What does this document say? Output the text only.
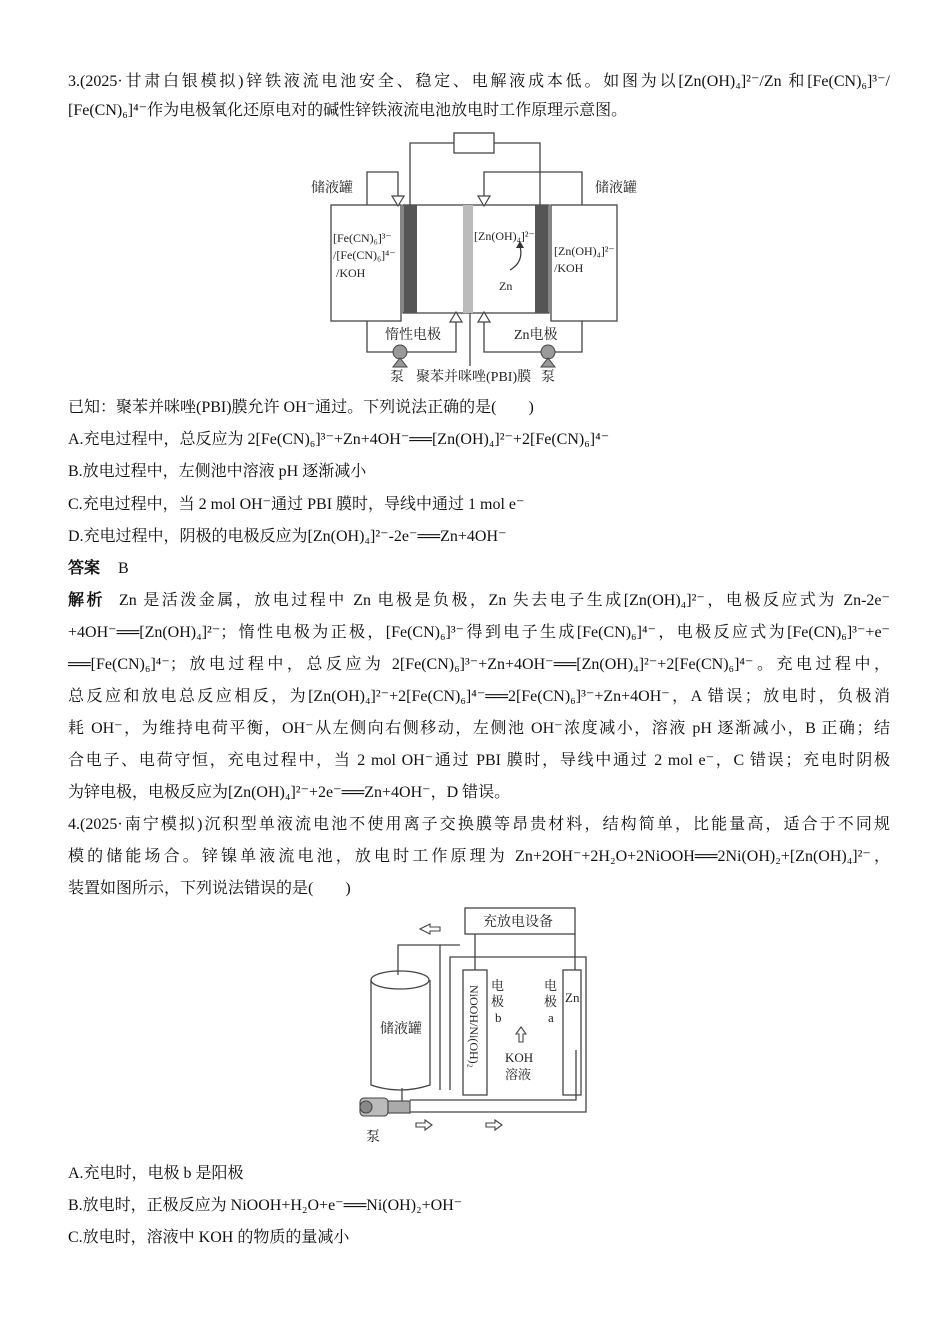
3.(2025·甘肃白银模拟)锌铁液流电池安全、稳定、电解液成本低。如图为以[Zn(OH)₄]²⁻/Zn 和[Fe(CN)₆]³⁻/
[Fe(CN)₆]⁴⁻作为电极氧化还原电对的碱性锌铁液流电池放电时工作原理示意图。
储液罐	储液罐
惰性电极	Zn电极
泵	泵
聚苯并咪唑(PBI)膜
[Fe(CN)₆]³⁻
/[Fe(CN)₆]⁴⁻
/KOH
[Zn(OH)₄]²⁻
Zn
[Zn(OH)₄]²⁻
/KOH
已知：聚苯并咪唑(PBI)膜允许 OH⁻通过。下列说法正确的是(　　)
A.充电过程中，总反应为 2[Fe(CN)₆]³⁻+Zn+4OH⁻══[Zn(OH)₄]²⁻+2[Fe(CN)₆]⁴⁻
B.放电过程中，左侧池中溶液 pH 逐渐减小
C.充电过程中，当 2 mol OH⁻通过 PBI 膜时，导线中通过 1 mol e⁻
D.充电过程中，阴极的电极反应为[Zn(OH)₄]²⁻-2e⁻══Zn+4OH⁻
答案 B
解析 Zn 是活泼金属，放电过程中 Zn 电极是负极，Zn 失去电子生成[Zn(OH)₄]²⁻，电极反应式为 Zn-2e⁻
+4OH⁻══[Zn(OH)₄]²⁻；惰性电极为正极，[Fe(CN)₆]³⁻得到电子生成[Fe(CN)₆]⁴⁻，电极反应式为[Fe(CN)₆]³⁻+e⁻
══[Fe(CN)₆]⁴⁻；放电过程中，总反应为 2[Fe(CN)₆]³⁻+Zn+4OH⁻══[Zn(OH)₄]²⁻+2[Fe(CN)₆]⁴⁻。充电过程中，
总反应和放电总反应相反，为[Zn(OH)₄]²⁻+2[Fe(CN)₆]⁴⁻══2[Fe(CN)₆]³⁻+Zn+4OH⁻，A 错误；放电时，负极消
耗 OH⁻，为维持电荷平衡，OH⁻从左侧向右侧移动，左侧池 OH⁻浓度减小，溶液 pH 逐渐减小，B 正确；结
合电子、电荷守恒，充电过程中，当 2 mol OH⁻通过 PBI 膜时，导线中通过 2 mol e⁻，C 错误；充电时阴极
为锌电极，电极反应为[Zn(OH)₄]²⁻+2e⁻══Zn+4OH⁻，D 错误。
4.(2025·南宁模拟)沉积型单液流电池不使用离子交换膜等昂贵材料，结构简单，比能量高，适合于不同规
模的储能场合。锌镍单液流电池，放电时工作原理为 Zn+2OH⁻+2H₂O+2NiOOH══2Ni(OH)₂+[Zn(OH)₄]²⁻，
装置如图所示，下列说法错误的是(　　)
充放电设备
储液罐
泵
电
极
b
电
极
a
Zn
KOH
溶液
NiOOH/Ni(OH)₂
A.充电时，电极 b 是阳极
B.放电时，正极反应为 NiOOH+H₂O+e⁻══Ni(OH)₂+OH⁻
C.放电时，溶液中 KOH 的物质的量减小
